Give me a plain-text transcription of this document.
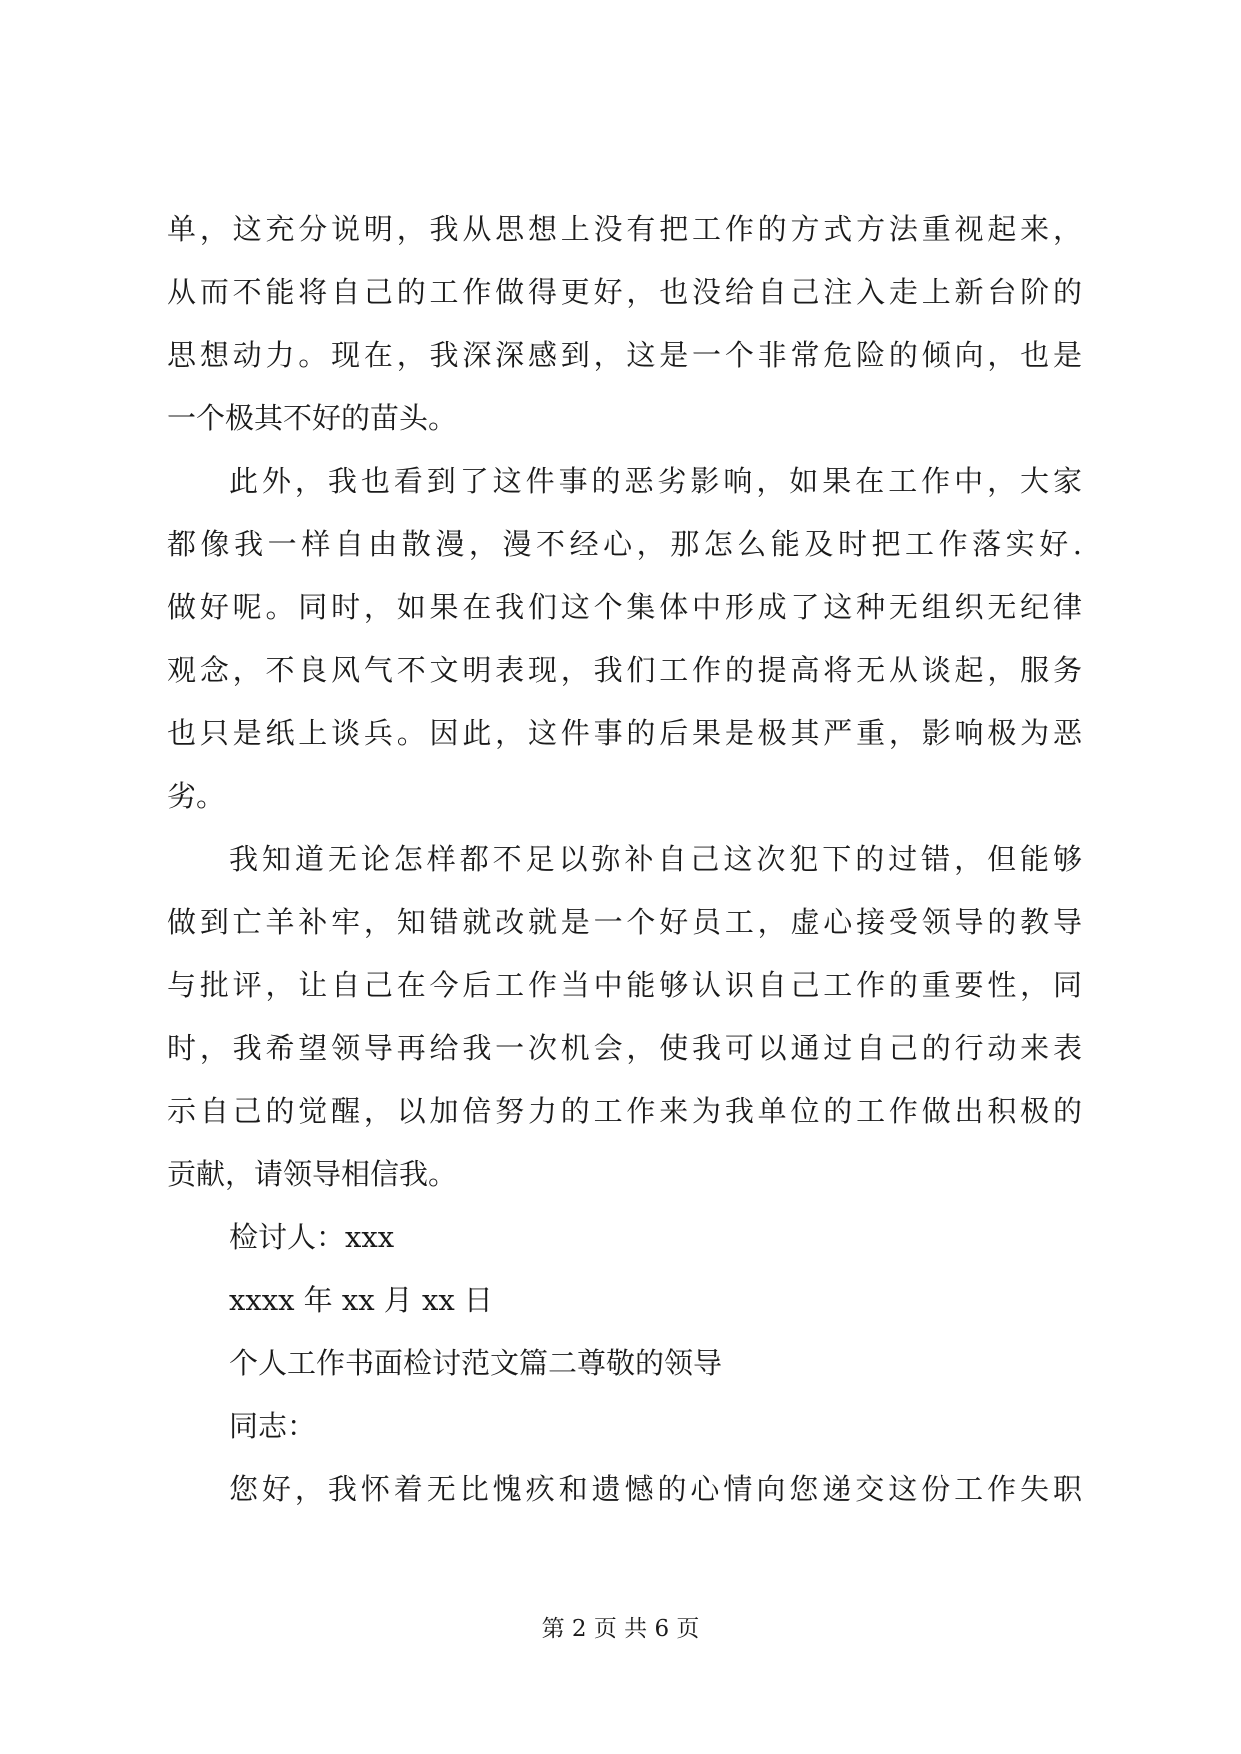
单，这充分说明，我从思想上没有把工作的方式方法重视起来，
从而不能将自己的工作做得更好，也没给自己注入走上新台阶的
思想动力。现在，我深深感到，这是一个非常危险的倾向，也是
一个极其不好的苗头。
此外，我也看到了这件事的恶劣影响，如果在工作中，大家
都像我一样自由散漫，漫不经心，那怎么能及时把工作落实好.
做好呢。同时，如果在我们这个集体中形成了这种无组织无纪律
观念，不良风气不文明表现，我们工作的提高将无从谈起，服务
也只是纸上谈兵。因此，这件事的后果是极其严重，影响极为恶
劣。
我知道无论怎样都不足以弥补自己这次犯下的过错，但能够
做到亡羊补牢，知错就改就是一个好员工，虚心接受领导的教导
与批评，让自己在今后工作当中能够认识自己工作的重要性，同
时，我希望领导再给我一次机会，使我可以通过自己的行动来表
示自己的觉醒，以加倍努力的工作来为我单位的工作做出积极的
贡献，请领导相信我。
检讨人：xxx
xxxx 年 xx 月 xx 日
个人工作书面检讨范文篇二尊敬的领导
同志：
您好，我怀着无比愧疚和遗憾的心情向您递交这份工作失职
第 2 页 共 6 页
